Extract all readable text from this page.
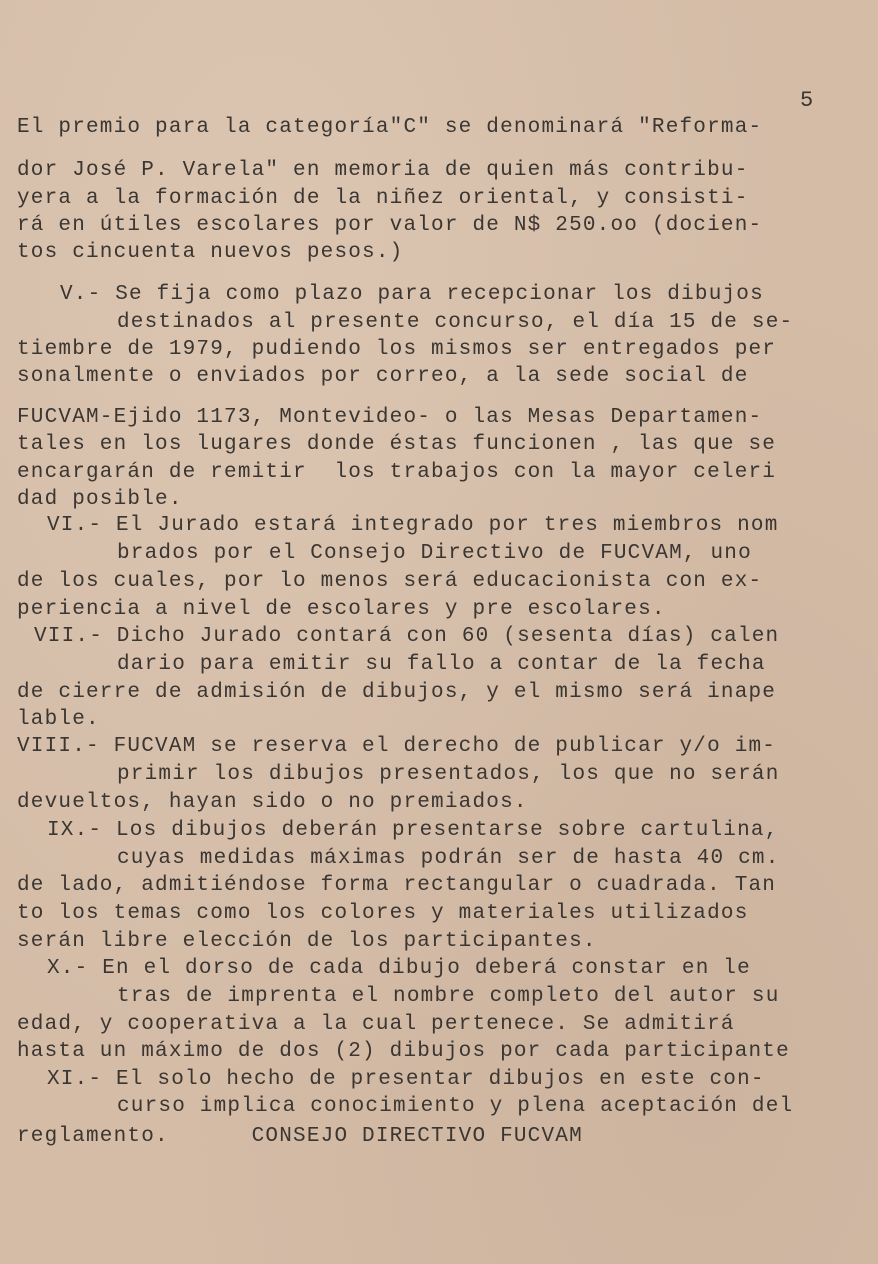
5
El premio para la categoría"C" se denominará "Reforma-
dor José P. Varela" en memoria de quien más contribu-
yera a la formación de la niñez oriental, y consisti-
rá en útiles escolares por valor de N$ 250.oo (docien-
tos cincuenta nuevos pesos.)
V.- Se fija como plazo para recepcionar los dibujos
destinados al presente concurso, el día 15 de se-
tiembre de 1979, pudiendo los mismos ser entregados per
sonalmente o enviados por correo, a la sede social de
FUCVAM-Ejido 1173, Montevideo- o las Mesas Departamen-
tales en los lugares donde éstas funcionen , las que se
encargarán de remitir  los trabajos con la mayor celeri
dad posible.
VI.- El Jurado estará integrado por tres miembros nom
brados por el Consejo Directivo de FUCVAM, uno
de los cuales, por lo menos será educacionista con ex-
periencia a nivel de escolares y pre escolares.
VII.- Dicho Jurado contará con 60 (sesenta días) calen
dario para emitir su fallo a contar de la fecha
de cierre de admisión de dibujos, y el mismo será inape
lable.
VIII.- FUCVAM se reserva el derecho de publicar y/o im-
primir los dibujos presentados, los que no serán
devueltos, hayan sido o no premiados.
IX.- Los dibujos deberán presentarse sobre cartulina,
cuyas medidas máximas podrán ser de hasta 40 cm.
de lado, admitiéndose forma rectangular o cuadrada. Tan
to los temas como los colores y materiales utilizados
serán libre elección de los participantes.
X.- En el dorso de cada dibujo deberá constar en le
tras de imprenta el nombre completo del autor su
edad, y cooperativa a la cual pertenece. Se admitirá
hasta un máximo de dos (2) dibujos por cada participante
XI.- El solo hecho de presentar dibujos en este con-
curso implica conocimiento y plena aceptación del
reglamento.      CONSEJO DIRECTIVO FUCVAM
